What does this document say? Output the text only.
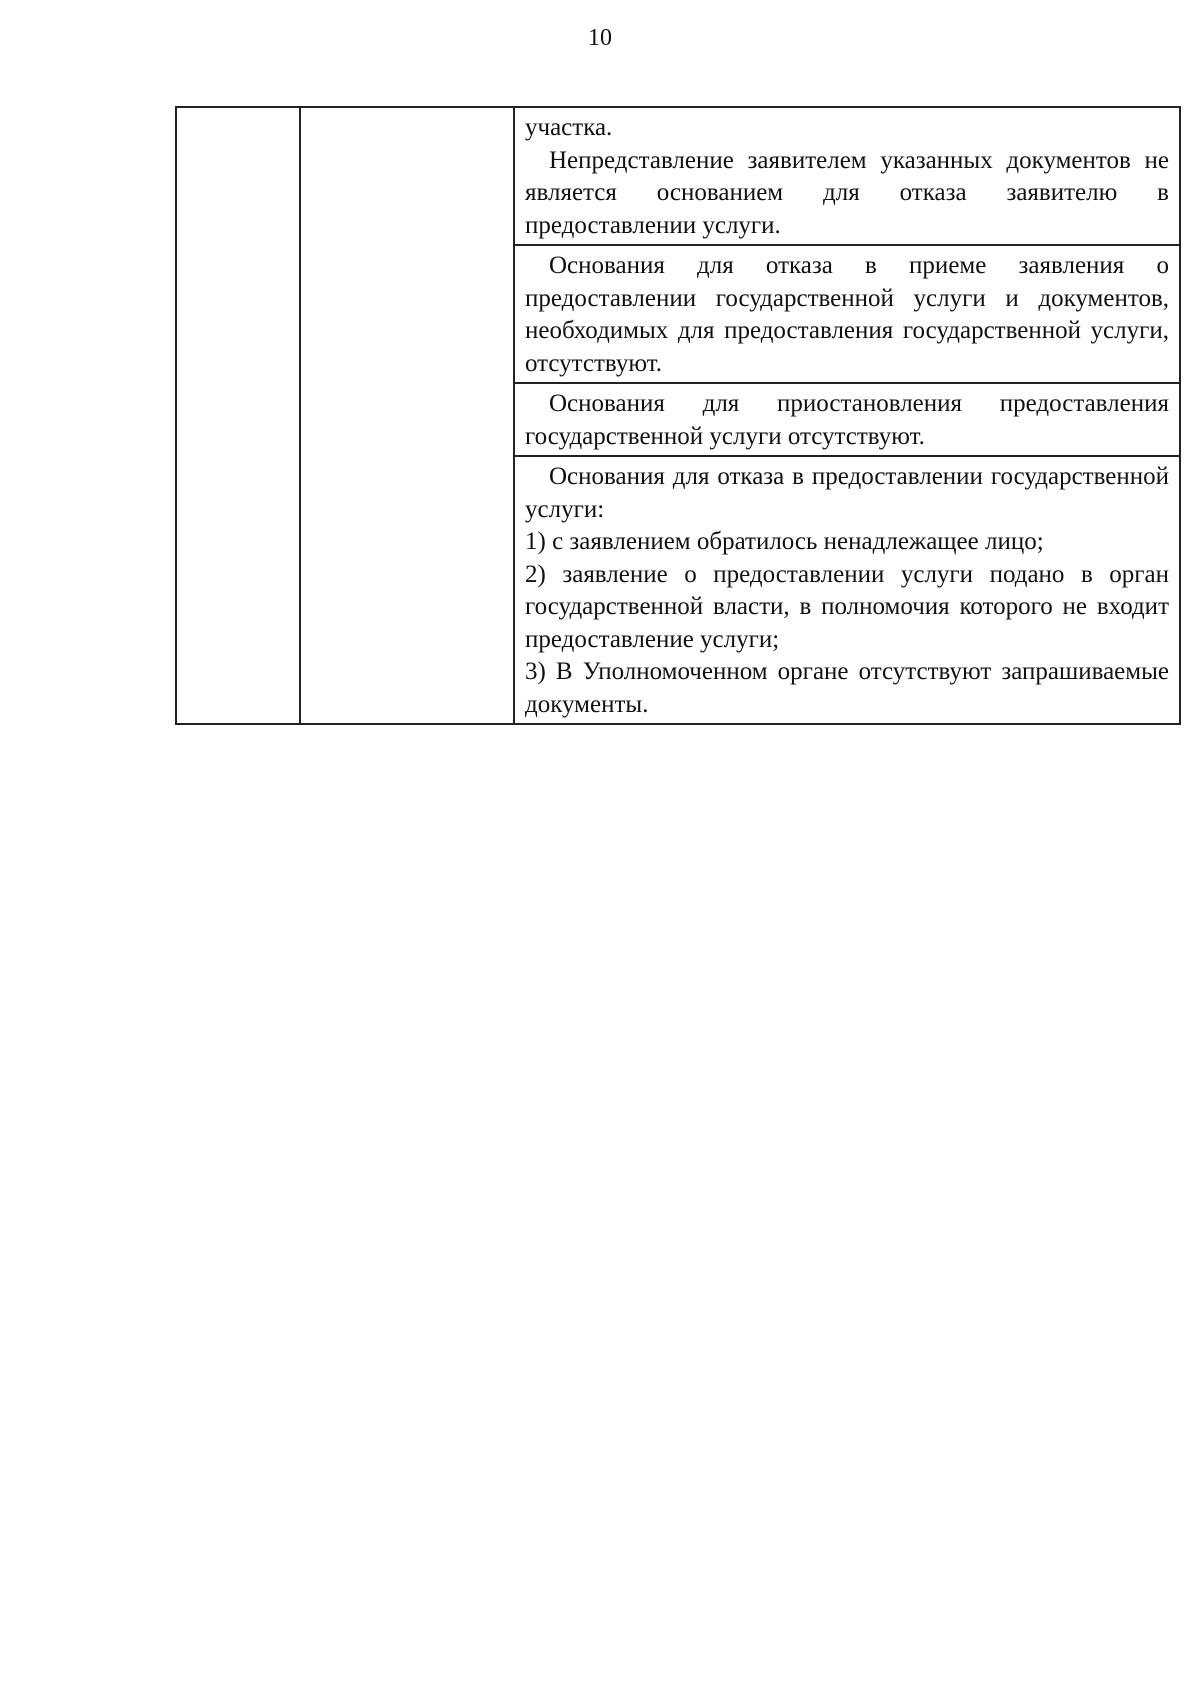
10

участка.

Непредставление заявителем указанных документов не является основанием для отказа заявителю в предоставлении услуги.

Основания для отказа в приеме заявления о предоставлении государственной услуги и документов, необходимых для предоставления государственной услуги, отсутствуют.

Основания для приостановления предоставления государственной услуги отсутствуют.

Основания для отказа в предоставлении государственной услуги:

1) с заявлением обратилось ненадлежащее лицо;

2) заявление о предоставлении услуги подано в орган государственной власти, в полномочия которого не входит предоставление услуги;

3) В Уполномоченном органе отсутствуют запрашиваемые документы.
